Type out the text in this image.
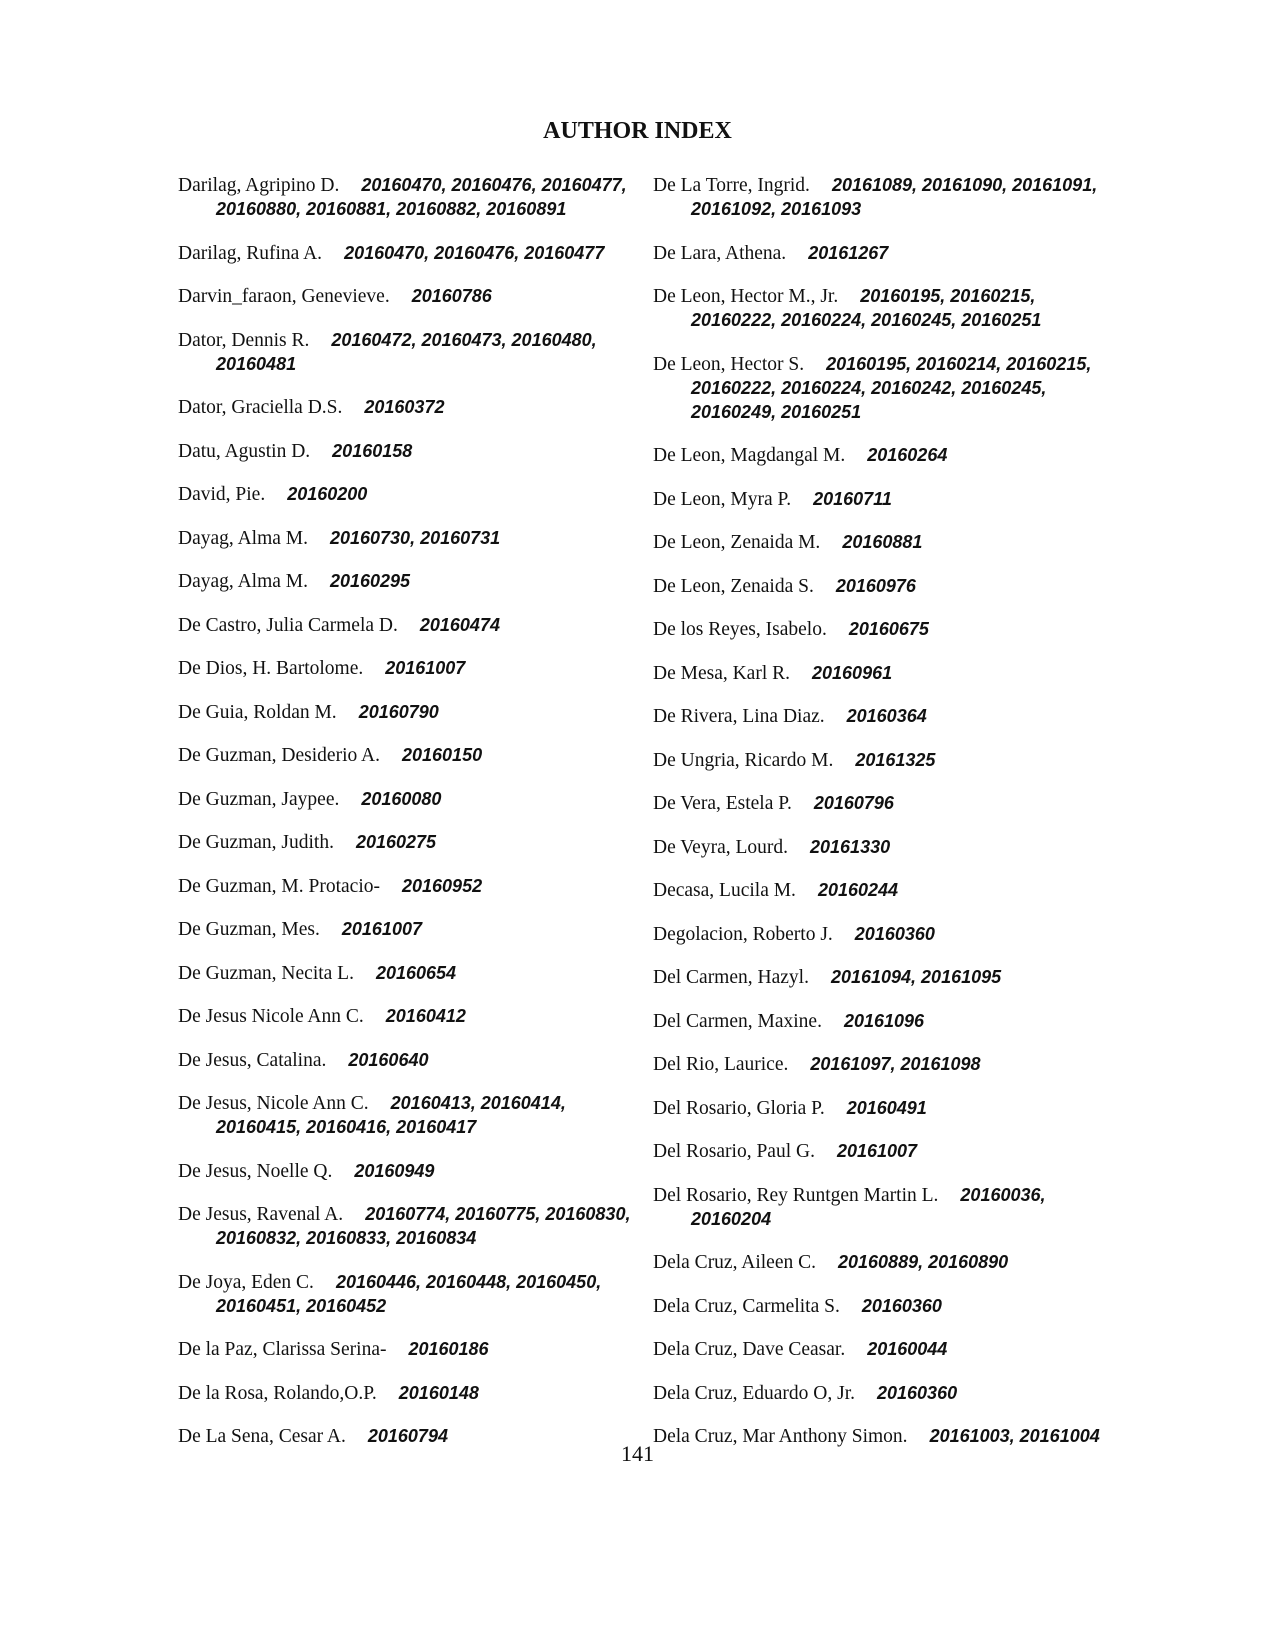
AUTHOR INDEX
Darilag, Agripino D. 20160470, 20160476, 20160477, 20160880, 20160881, 20160882, 20160891
Darilag, Rufina A. 20160470, 20160476, 20160477
Darvin_faraon, Genevieve. 20160786
Dator, Dennis R. 20160472, 20160473, 20160480, 20160481
Dator, Graciella D.S. 20160372
Datu, Agustin D. 20160158
David, Pie. 20160200
Dayag, Alma M. 20160730, 20160731
Dayag, Alma M. 20160295
De Castro, Julia Carmela D. 20160474
De Dios, H. Bartolome. 20161007
De Guia, Roldan M. 20160790
De Guzman, Desiderio A. 20160150
De Guzman, Jaypee. 20160080
De Guzman, Judith. 20160275
De Guzman, M. Protacio- 20160952
De Guzman, Mes. 20161007
De Guzman, Necita L. 20160654
De Jesus Nicole Ann C. 20160412
De Jesus, Catalina. 20160640
De Jesus, Nicole Ann C. 20160413, 20160414, 20160415, 20160416, 20160417
De Jesus, Noelle Q. 20160949
De Jesus, Ravenal A. 20160774, 20160775, 20160830, 20160832, 20160833, 20160834
De Joya, Eden C. 20160446, 20160448, 20160450, 20160451, 20160452
De la Paz, Clarissa Serina- 20160186
De la Rosa, Rolando,O.P. 20160148
De La Sena, Cesar A. 20160794
De La Torre, Ingrid. 20161089, 20161090, 20161091, 20161092, 20161093
De Lara, Athena. 20161267
De Leon, Hector M., Jr. 20160195, 20160215, 20160222, 20160224, 20160245, 20160251
De Leon, Hector S. 20160195, 20160214, 20160215, 20160222, 20160224, 20160242, 20160245, 20160249, 20160251
De Leon, Magdangal M. 20160264
De Leon, Myra P. 20160711
De Leon, Zenaida M. 20160881
De Leon, Zenaida S. 20160976
De los Reyes, Isabelo. 20160675
De Mesa, Karl R. 20160961
De Rivera, Lina Diaz. 20160364
De Ungria, Ricardo M. 20161325
De Vera, Estela P. 20160796
De Veyra, Lourd. 20161330
Decasa, Lucila M. 20160244
Degolacion, Roberto J. 20160360
Del Carmen, Hazyl. 20161094, 20161095
Del Carmen, Maxine. 20161096
Del Rio, Laurice. 20161097, 20161098
Del Rosario, Gloria P. 20160491
Del Rosario, Paul G. 20161007
Del Rosario, Rey Runtgen Martin L. 20160036, 20160204
Dela Cruz, Aileen C. 20160889, 20160890
Dela Cruz, Carmelita S. 20160360
Dela Cruz, Dave Ceasar. 20160044
Dela Cruz, Eduardo O, Jr. 20160360
Dela Cruz, Mar Anthony Simon. 20161003, 20161004
141
